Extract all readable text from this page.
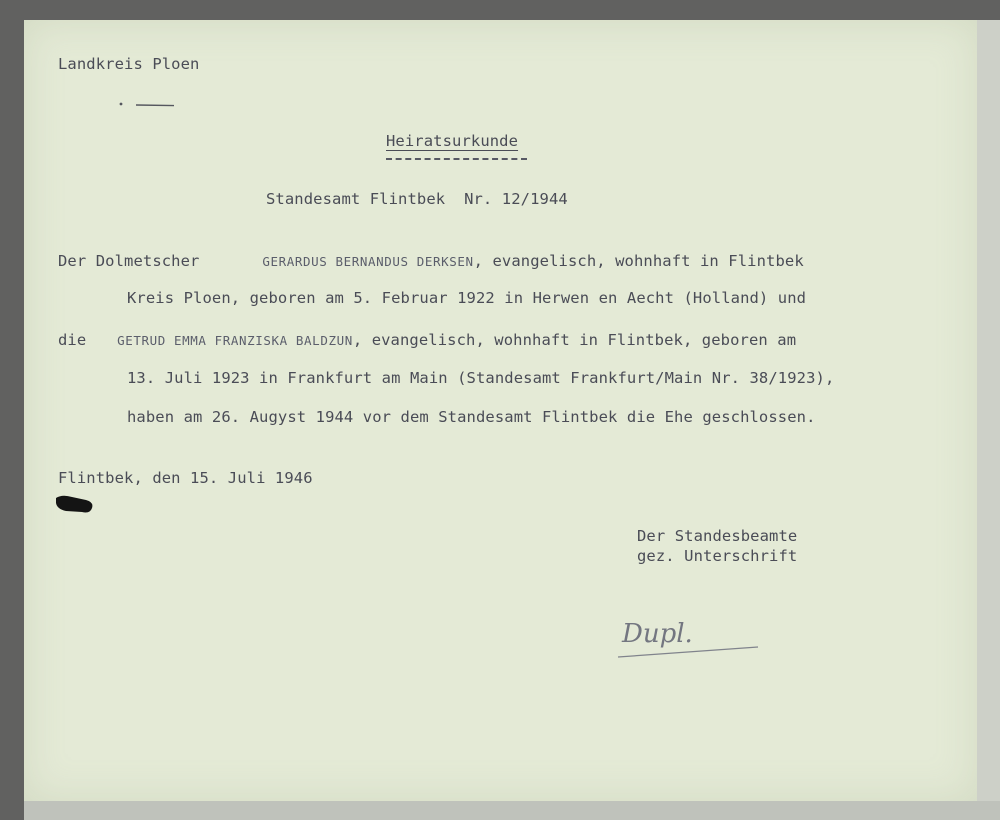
Landkreis Ploen
Heiratsurkunde
Standesamt Flintbek  Nr. 12/1944
Der Dolmetscher	GERARDUS BERNANDUS DERKSEN, evangelisch, wohnhaft in Flintbek
Kreis Ploen, geboren am 5. Februar 1922 in Herwen en Aecht (Holland) und
die GETRUD EMMA FRANZISKA BALDZUN, evangelisch, wohnhaft in Flintbek, geboren am
13. Juli 1923 in Frankfurt am Main (Standesamt Frankfurt/Main Nr. 38/1923),
haben am 26. Augyst 1944 vor dem Standesamt Flintbek die Ehe geschlossen.
Flintbek, den 15. Juli 1946
Der Standesbeamte
gez. Unterschrift
Dupl.
